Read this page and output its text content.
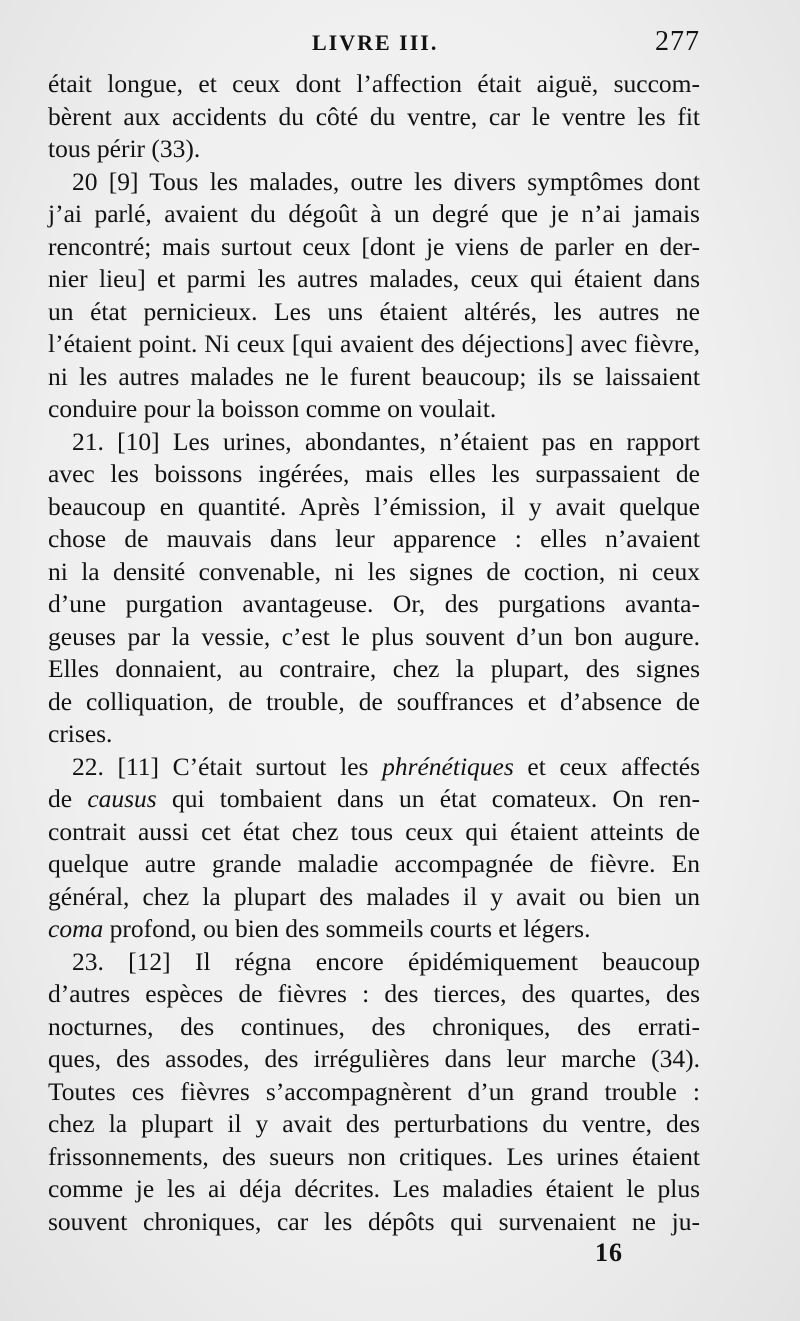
LIVRE III.	277
était longue, et ceux dont l’affection était aiguë, succom-
bèrent aux accidents du côté du ventre, car le ventre les fit
tous périr (33).
20 [9] Tous les malades, outre les divers symptômes dont
j’ai parlé, avaient du dégoût à un degré que je n’ai jamais
rencontré; mais surtout ceux [dont je viens de parler en der-
nier lieu] et parmi les autres malades, ceux qui étaient dans
un état pernicieux. Les uns étaient altérés, les autres ne
l’étaient point. Ni ceux [qui avaient des déjections] avec fièvre,
ni les autres malades ne le furent beaucoup; ils se laissaient
conduire pour la boisson comme on voulait.
21. [10] Les urines, abondantes, n’étaient pas en rapport
avec les boissons ingérées, mais elles les surpassaient de
beaucoup en quantité. Après l’émission, il y avait quelque
chose de mauvais dans leur apparence : elles n’avaient
ni la densité convenable, ni les signes de coction, ni ceux
d’une purgation avantageuse. Or, des purgations avanta-
geuses par la vessie, c’est le plus souvent d’un bon augure.
Elles donnaient, au contraire, chez la plupart, des signes
de colliquation, de trouble, de souffrances et d’absence de
crises.
22. [11] C’était surtout les phrénétiques et ceux affectés
de causus qui tombaient dans un état comateux. On ren-
contrait aussi cet état chez tous ceux qui étaient atteints de
quelque autre grande maladie accompagnée de fièvre. En
général, chez la plupart des malades il y avait ou bien un
coma profond, ou bien des sommeils courts et légers.
23. [12] Il régna encore épidémiquement beaucoup
d’autres espèces de fièvres : des tierces, des quartes, des
nocturnes, des continues, des chroniques, des errati-
ques, des assodes, des irrégulières dans leur marche (34).
Toutes ces fièvres s’accompagnèrent d’un grand trouble :
chez la plupart il y avait des perturbations du ventre, des
frissonnements, des sueurs non critiques. Les urines étaient
comme je les ai déja décrites. Les maladies étaient le plus
souvent chroniques, car les dépôts qui survenaient ne ju-
16
